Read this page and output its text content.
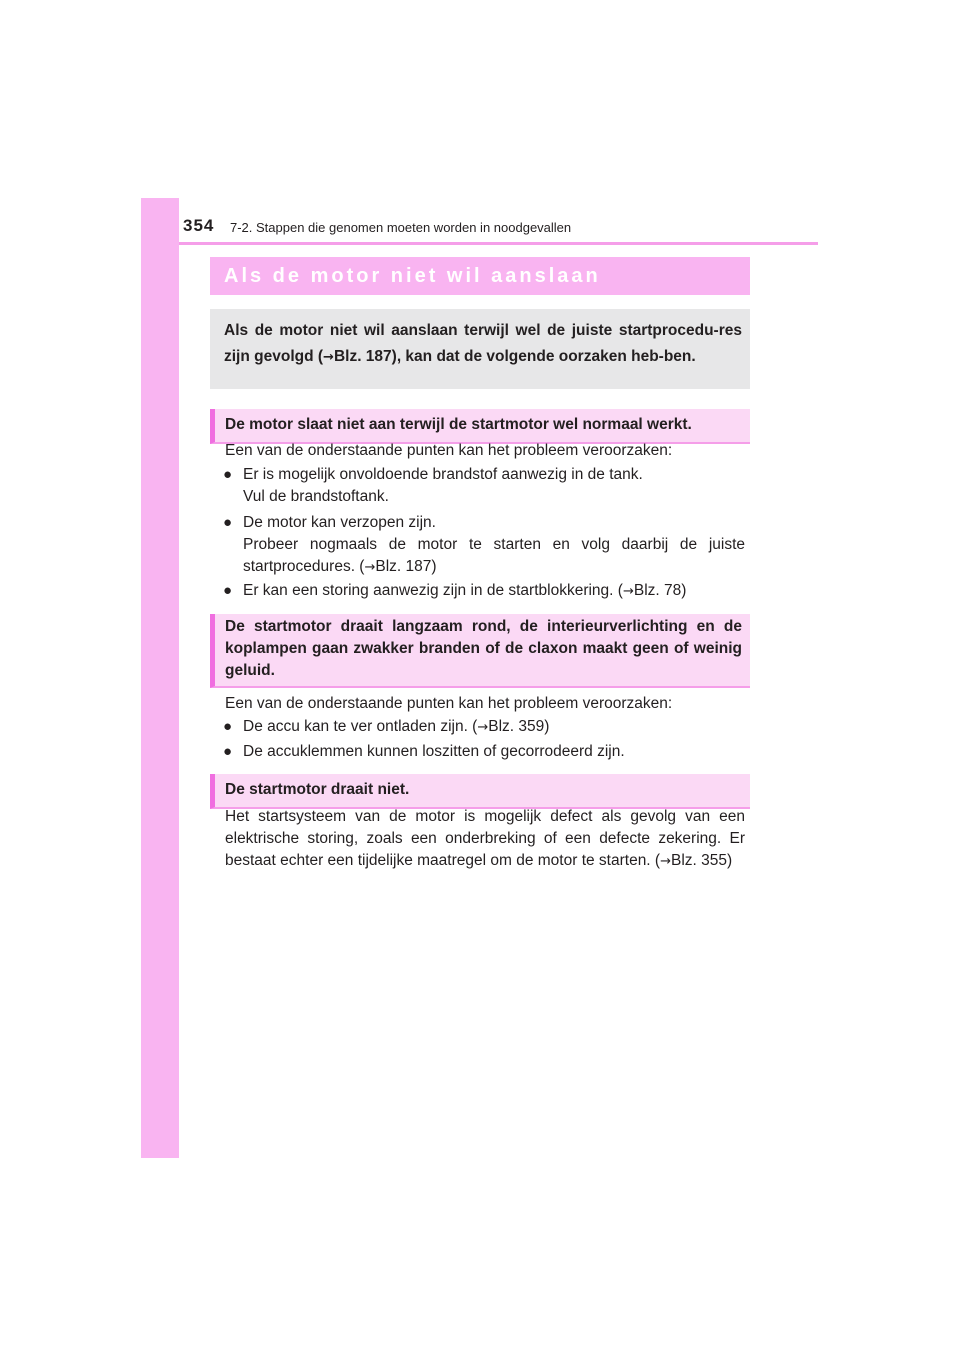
354 7-2. Stappen die genomen moeten worden in noodgevallen
Als de motor niet wil aanslaan
Als de motor niet wil aanslaan terwijl wel de juiste startprocedu-res zijn gevolgd (→Blz. 187), kan dat de volgende oorzaken heb-ben.
De motor slaat niet aan terwijl de startmotor wel normaal werkt.

Een van de onderstaande punten kan het probleem veroorzaken:

● Er is mogelijk onvoldoende brandstof aanwezig in de tank.
Vul de brandstoftank.
● De motor kan verzopen zijn.
Probeer nogmaals de motor te starten en volg daarbij de juiste startprocedures. (→Blz. 187)
● Er kan een storing aanwezig zijn in de startblokkering. (→Blz. 78)
De startmotor draait langzaam rond, de interieurverlichting en de koplampen gaan zwakker branden of de claxon maakt geen of weinig geluid.

Een van de onderstaande punten kan het probleem veroorzaken:

● De accu kan te ver ontladen zijn. (→Blz. 359)
● De accuklemmen kunnen loszitten of gecorrodeerd zijn.
De startmotor draait niet.

Het startsysteem van de motor is mogelijk defect als gevolg van een elektrische storing, zoals een onderbreking of een defecte zekering. Er bestaat echter een tijdelijke maatregel om de motor te starten. (→Blz. 355)
